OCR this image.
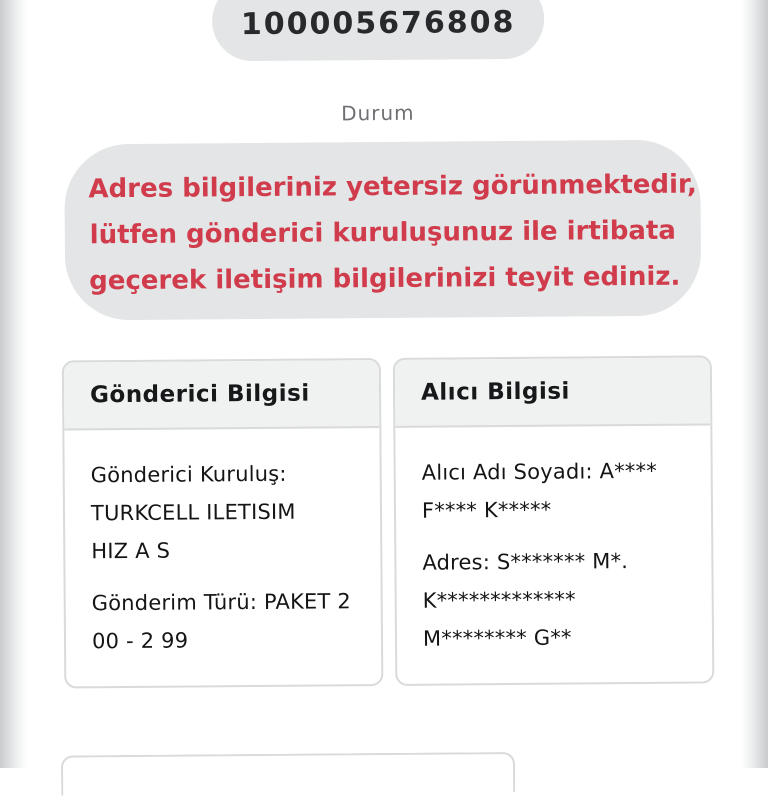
100005676808
Durum
Adres bilgileriniz yetersiz görünmektedir,
lütfen gönderici kuruluşunuz ile irtibata
geçerek iletişim bilgilerinizi teyit ediniz.
Gönderici Bilgisi

Gönderici Kuruluş:
TURKCELL ILETISIM
HIZ A S

Gönderim Türü: PAKET 2
00 - 2 99

Alıcı Bilgisi

Alıcı Adı Soyadı: A****
F**** K*****

Adres: S******* M*.
K*************
M******** G**
